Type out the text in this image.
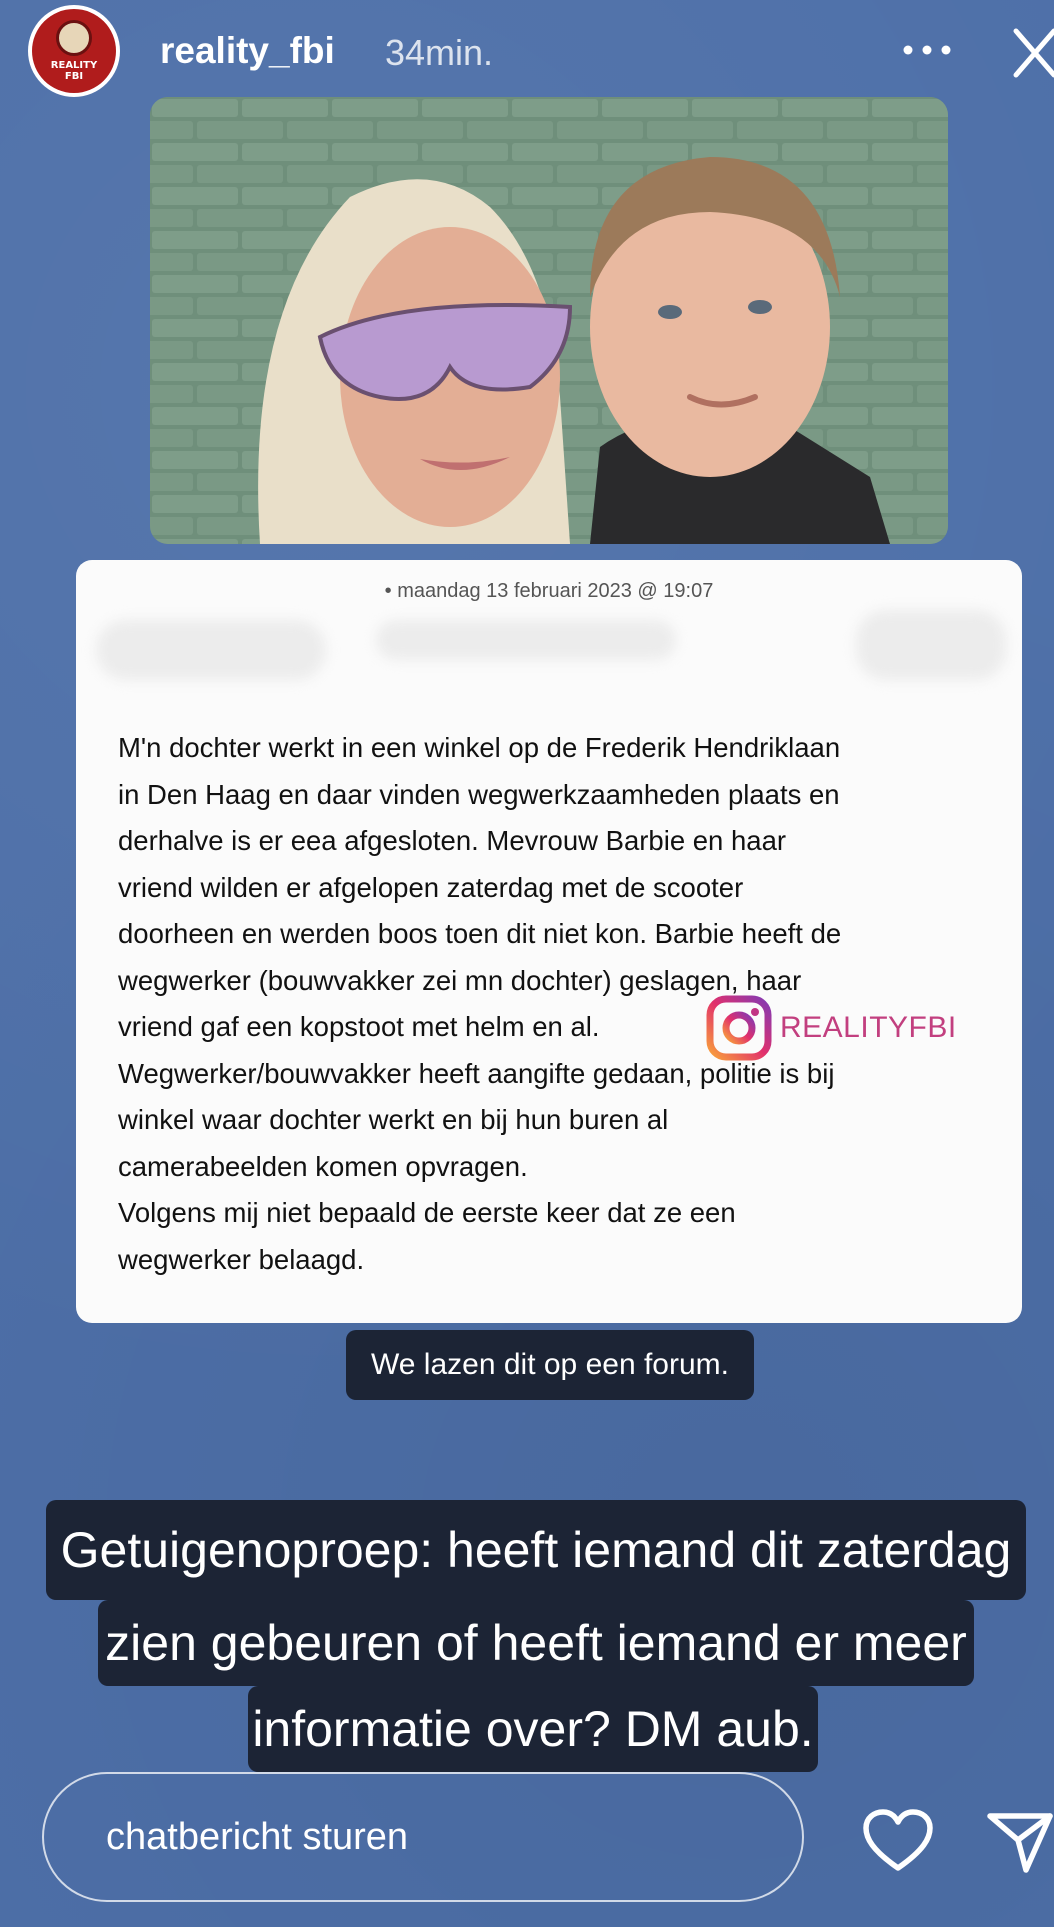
REALITY
FBI
reality_fbi 34min.
• maandag 13 februari 2023 @ 19:07
M'n dochter werkt in een winkel op de Frederik Hendriklaan
in Den Haag en daar vinden wegwerkzaamheden plaats en
derhalve is er eea afgesloten. Mevrouw Barbie en haar
vriend wilden er afgelopen zaterdag met de scooter
doorheen en werden boos toen dit niet kon. Barbie heeft de
wegwerker (bouwvakker zei mn dochter) geslagen, haar
vriend gaf een kopstoot met helm en al.
Wegwerker/bouwvakker heeft aangifte gedaan, politie is bij
winkel waar dochter werkt en bij hun buren al
camerabeelden komen opvragen.
Volgens mij niet bepaald de eerste keer dat ze een
wegwerker belaagd.
REALITYFBI
We lazen dit op een forum.
Getuigenoproep: heeft iemand dit zaterdag
zien gebeuren of heeft iemand er meer
informatie over? DM aub.
chatbericht sturen
